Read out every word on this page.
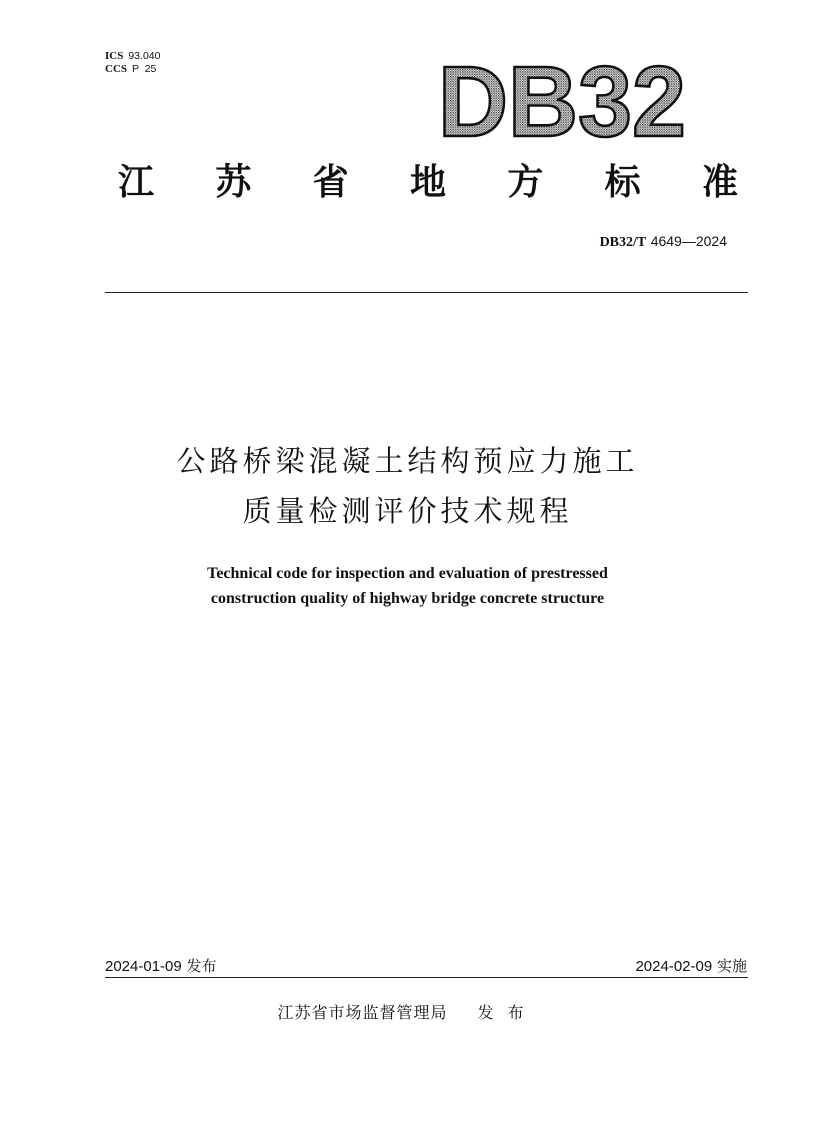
ICS 93.040
CCS P  25	DB32
江 苏 省 地 方 标 准
DB32/T 4649—2024
公路桥梁混凝土结构预应力施工
质量检测评价技术规程
Technical code for inspection and evaluation of prestressed
construction quality of highway bridge concrete structure
2024-01-09 发布	2024-02-09 实施
江苏省市场监督管理局 发布
